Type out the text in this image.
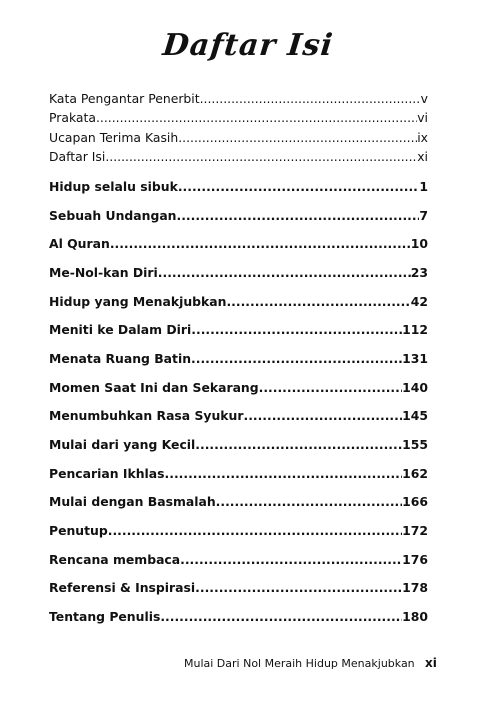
Daftar Isi
Kata Pengantar Penerbit .....	v
Prakata .....	vi
Ucapan Terima Kasih .....	ix
Daftar Isi .....	xi
Hidup selalu sibuk .....	1
Sebuah Undangan .....	7
Al Quran .....	10
Me-Nol-kan Diri .....	23
Hidup yang Menakjubkan .....	42
Meniti ke Dalam Diri .....	112
Menata Ruang Batin .....	131
Momen Saat Ini dan Sekarang .....	140
Menumbuhkan Rasa Syukur .....	145
Mulai dari yang Kecil .....	155
Pencarian Ikhlas .....	162
Mulai dengan Basmalah .....	166
Penutup .....	172
Rencana membaca .....	176
Referensi & Inspirasi .....	178
Tentang Penulis .....	180
Mulai Dari Nol Meraih Hidup Menakjubkan xi
